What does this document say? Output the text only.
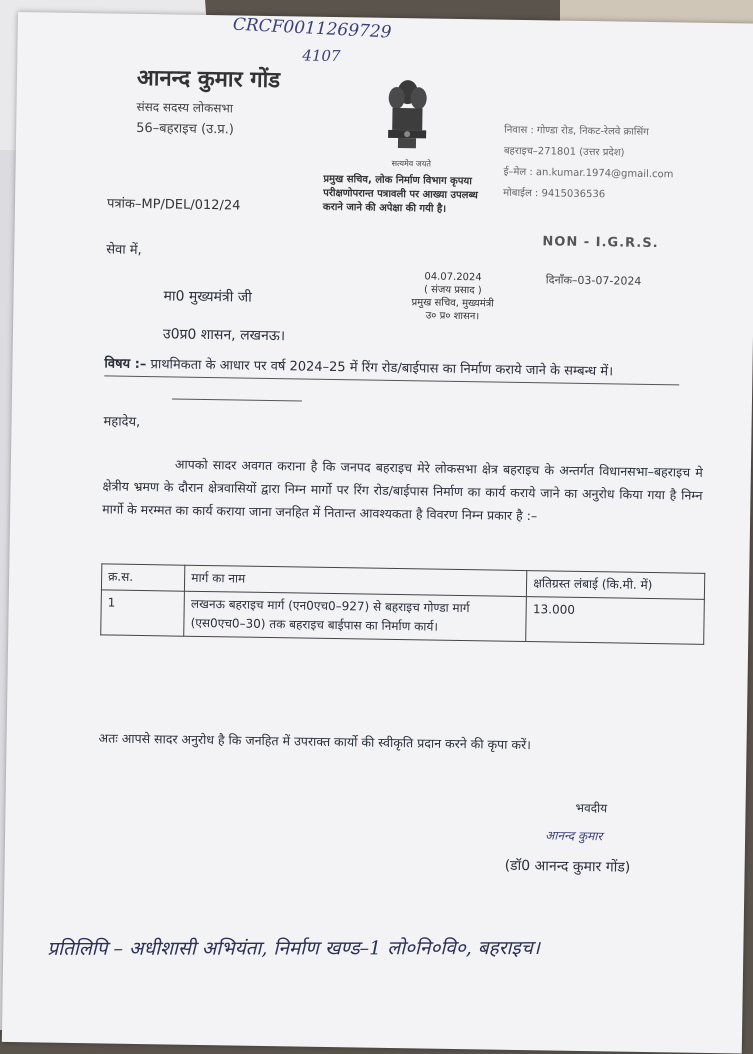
CRCF0011269729
4107
आनन्द कुमार गोंड
संसद सदस्य लोकसभा
56–बहराइच (उ.प्र.)
सत्यमेव जयते
प्रमुख सचिव, लोक निर्माण विभाग कृपया परीक्षणोपरान्त पत्रावली पर आख्या उपलब्ध कराने जाने की अपेक्षा की गयी है।
04.07.2024
( संजय प्रसाद )
प्रमुख सचिव, मुख्यमंत्री
उ० प्र० शासन।
निवास : गोण्डा रोड, निकट-रेलवे क्रासिंग
बहराइच–271801 (उत्तर प्रदेश)
ई–मेल : an.kumar.1974@gmail.com
मोबाईल : 9415036536
NON - I.G.R.S.
पत्रांक–MP/DEL/012/24
दिनाँक–03-07-2024
सेवा में,
मा0 मुख्यमंत्री जी
उ0प्र0 शासन, लखनऊ।
विषय :– प्राथमिकता के आधार पर वर्ष 2024–25 में रिंग रोड/बाईपास का निर्माण कराये जाने के सम्बन्ध में।
महादेय,
आपको सादर अवगत कराना है कि जनपद बहराइच मेरे लोकसभा क्षेत्र बहराइच के अन्तर्गत विधानसभा–बहराइच मे क्षेत्रीय भ्रमण के दौरान क्षेत्रवासियों द्वारा निम्न मार्गो पर रिंग रोड/बाईपास निर्माण का कार्य कराये जाने का अनुरोध किया गया है निम्न मार्गो के मरम्मत का कार्य कराया जाना जनहित में नितान्त आवश्यकता है विवरण निम्न प्रकार है :–
क्र.स.	मार्ग का नाम	क्षतिग्रस्त लंबाई (कि.मी. में)
1	लखनऊ बहराइच मार्ग (एन0एच0–927) से बहराइच गोण्डा मार्ग (एस0एच0–30) तक बहराइच बाईपास का निर्माण कार्य।	13.000
अतः आपसे सादर अनुरोध है कि जनहित में उपराक्त कार्यो की स्वीकृति प्रदान करने की कृपा करें।
भवदीय
आनन्द कुमार
(डॉ0 आनन्द कुमार गोंड)
प्रतिलिपि – अधीशासी अभियंता, निर्माण खण्ड–1 लो०नि०वि०, बहराइच।
